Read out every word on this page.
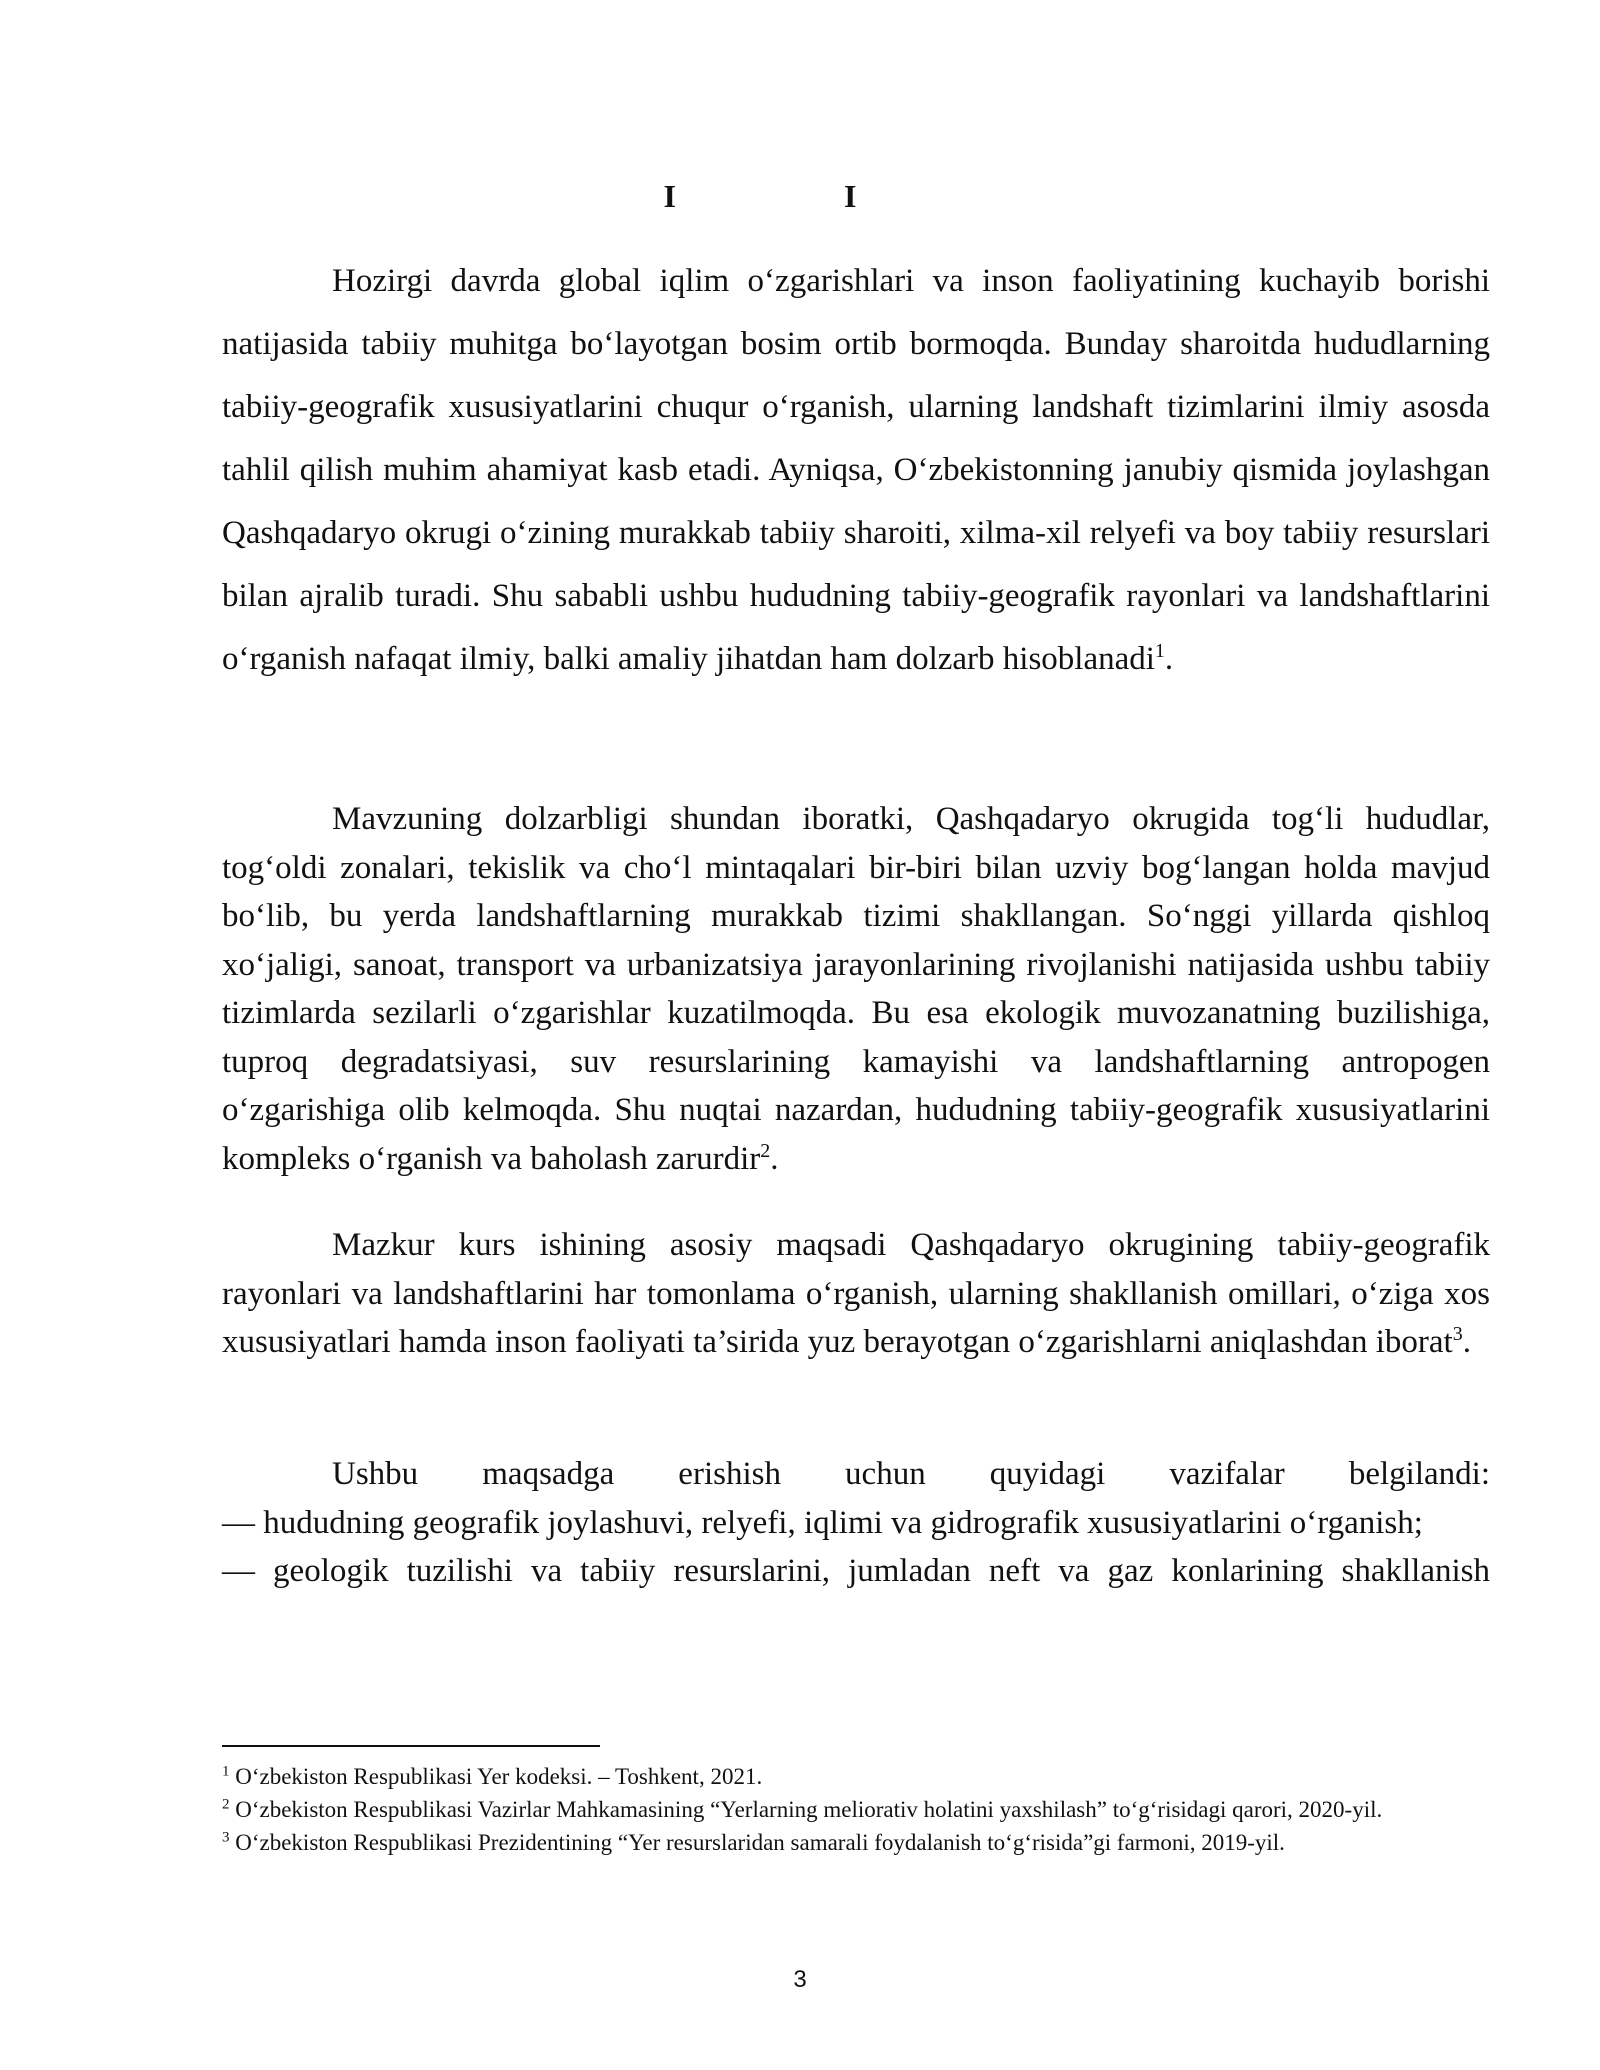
I I
Hozirgi davrda global iqlim o‘zgarishlari va inson faoliyatining kuchayib borishi natijasida tabiiy muhitga bo‘layotgan bosim ortib bormoqda. Bunday sharoitda hududlarning tabiiy-geografik xususiyatlarini chuqur o‘rganish, ularning landshaft tizimlarini ilmiy asosda tahlil qilish muhim ahamiyat kasb etadi. Ayniqsa, O‘zbekistonning janubiy qismida joylashgan Qashqadaryo okrugi o‘zining murakkab tabiiy sharoiti, xilma-xil relyefi va boy tabiiy resurslari bilan ajralib turadi. Shu sababli ushbu hududning tabiiy-geografik rayonlari va landshaftlarini o‘rganish nafaqat ilmiy, balki amaliy jihatdan ham dolzarb hisoblanadi$^1$.
Mavzuning dolzarbligi shundan iboratki, Qashqadaryo okrugida tog‘li hududlar, tog‘oldi zonalari, tekislik va cho‘l mintaqalari bir-biri bilan uzviy bog‘langan holda mavjud bo‘lib, bu yerda landshaftlarning murakkab tizimi shakllangan. So‘nggi yillarda qishloq xo‘jaligi, sanoat, transport va urbanizatsiya jarayonlarining rivojlanishi natijasida ushbu tabiiy tizimlarda sezilarli o‘zgarishlar kuzatilmoqda. Bu esa ekologik muvozanatning buzilishiga, tuproq degradatsiyasi, suv resurslarining kamayishi va landshaftlarning antropogen o‘zgarishiga olib kelmoqda. Shu nuqtai nazardan, hududning tabiiy-geografik xususiyatlarini kompleks o‘rganish va baholash zarurdir$^2$.
Mazkur kurs ishining asosiy maqsadi Qashqadaryo okrugining tabiiy-geografik rayonlari va landshaftlarini har tomonlama o‘rganish, ularning shakllanish omillari, o‘ziga xos xususiyatlari hamda inson faoliyati ta’sirida yuz berayotgan o‘zgarishlarni aniqlashdan iborat$^3$.
Ushbu maqsadga erishish uchun quyidagi vazifalar belgilandi:
— hududning geografik joylashuvi, relyefi, iqlimi va gidrografik xususiyatlarini o‘rganish;
— geologik tuzilishi va tabiiy resurslarini, jumladan neft va gaz konlarining shakllanish
$^1$ O‘zbekiston Respublikasi Yer kodeksi. – Toshkent, 2021.
$^2$ O‘zbekiston Respublikasi Vazirlar Mahkamasining “Yerlarning meliorativ holatini yaxshilash” to‘g‘risidagi qarori, 2020-yil.
$^3$ O‘zbekiston Respublikasi Prezidentining “Yer resurslaridan samarali foydalanish to‘g‘risida”gi farmoni, 2019-yil.
3
